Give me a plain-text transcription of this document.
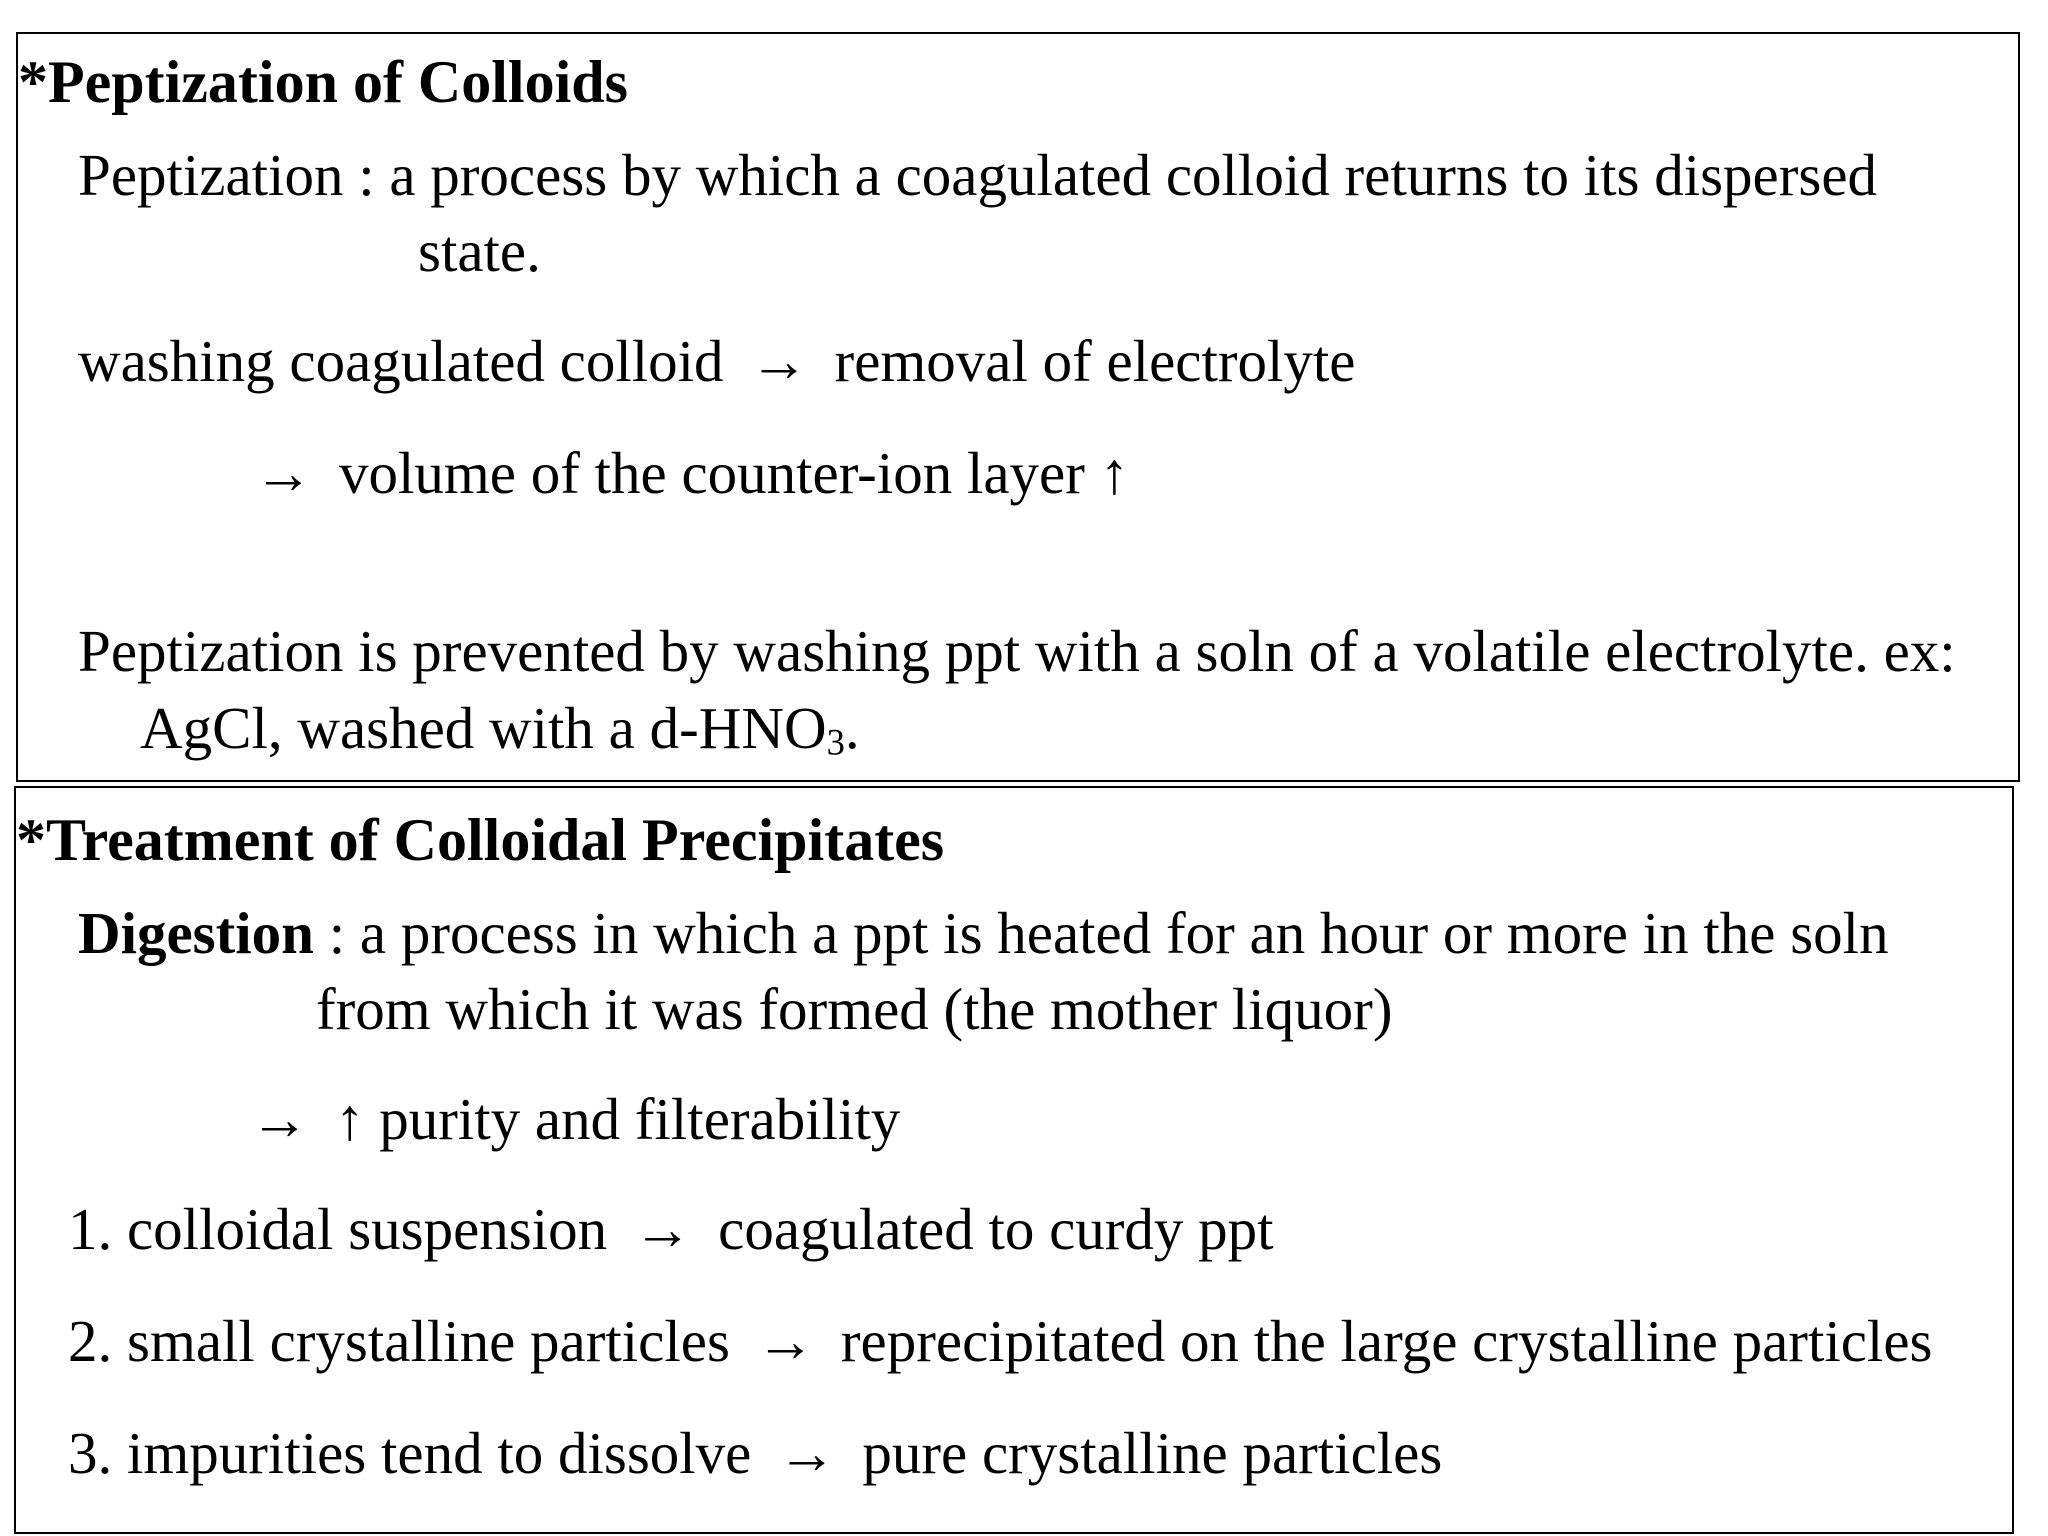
*Peptization of Colloids
Peptization : a process by which a coagulated colloid returns to its dispersed
state.
washing coagulated colloid → removal of electrolyte
→ volume of the counter-ion layer ↑
Peptization is prevented by washing ppt with a soln of a volatile electrolyte. ex:
AgCl, washed with a d-HNO3.
*Treatment of Colloidal Precipitates
Digestion : a process in which a ppt is heated for an hour or more in the soln
from which it was formed (the mother liquor)
→ ↑ purity and filterability
1. colloidal suspension → coagulated to curdy ppt
2. small crystalline particles → reprecipitated on the large crystalline particles
3. impurities tend to dissolve → pure crystalline particles
